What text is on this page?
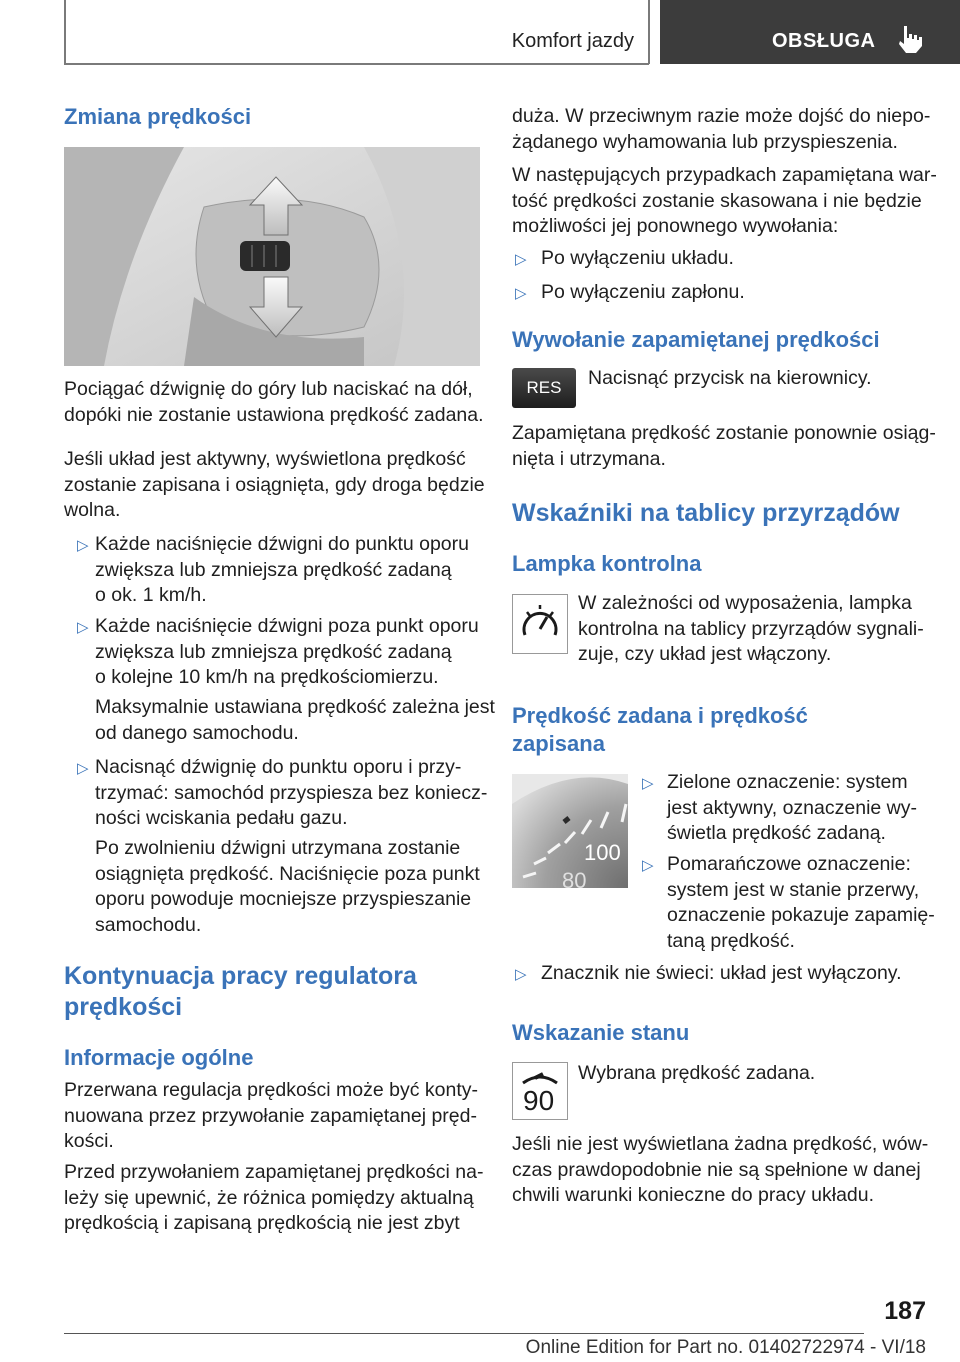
Komfort jazdy	OBSŁUGA
Zmiana prędkości
Pociągać dźwignię do góry lub naciskać na dół,
dopóki nie zostanie ustawiona prędkość zadana.
Jeśli układ jest aktywny, wyświetlona prędkość
zostanie zapisana i osiągnięta, gdy droga będzie
wolna.
▷ Każde naciśnięcie dźwigni do punktu oporu
zwiększa lub zmniejsza prędkość zadaną
o ok. 1 km/h.
▷ Każde naciśnięcie dźwigni poza punkt oporu
zwiększa lub zmniejsza prędkość zadaną
o kolejne 10 km/h na prędkościomierzu.
Maksymalnie ustawiana prędkość zależna jest
od danego samochodu.
▷ Nacisnąć dźwignię do punktu oporu i przy‐
trzymać: samochód przyspiesza bez koniecz‐
ności wciskania pedału gazu.
Po zwolnieniu dźwigni utrzymana zostanie
osiągnięta prędkość. Naciśnięcie poza punkt
oporu powoduje mocniejsze przyspieszanie
samochodu.
Kontynuacja pracy regulatora
prędkości
Informacje ogólne
Przerwana regulacja prędkości może być konty‐
nuowana przez przywołanie zapamiętanej pręd‐
kości.
Przed przywołaniem zapamiętanej prędkości na‐
leży się upewnić, że różnica pomiędzy aktualną
prędkością i zapisaną prędkością nie jest zbyt
duża. W przeciwnym razie może dojść do niepo‐
żądanego wyhamowania lub przyspieszenia.
W następujących przypadkach zapamiętana war‐
tość prędkości zostanie skasowana i nie będzie
możliwości jej ponownego wywołania:
▷ Po wyłączeniu układu.
▷ Po wyłączeniu zapłonu.
Wywołanie zapamiętanej prędkości
RES	Nacisnąć przycisk na kierownicy.
Zapamiętana prędkość zostanie ponownie osiąg‐
nięta i utrzymana.
Wskaźniki na tablicy przyrządów
Lampka kontrolna
W zależności od wyposażenia, lampka
kontrolna na tablicy przyrządów sygnali‐
zuje, czy układ jest włączony.
Prędkość zadana i prędkość
zapisana
100
80
▷ Zielone oznaczenie: system
jest aktywny, oznaczenie wy‐
świetla prędkość zadaną.
▷ Pomarańczowe oznaczenie:
system jest w stanie przerwy,
oznaczenie pokazuje zapamię‐
taną prędkość.
▷ Znacznik nie świeci: układ jest wyłączony.
Wskazanie stanu
90
Wybrana prędkość zadana.
Jeśli nie jest wyświetlana żadna prędkość, wów‐
czas prawdopodobnie nie są spełnione w danej
chwili warunki konieczne do pracy układu.
187
Online Edition for Part no. 01402722974 - VI/18
